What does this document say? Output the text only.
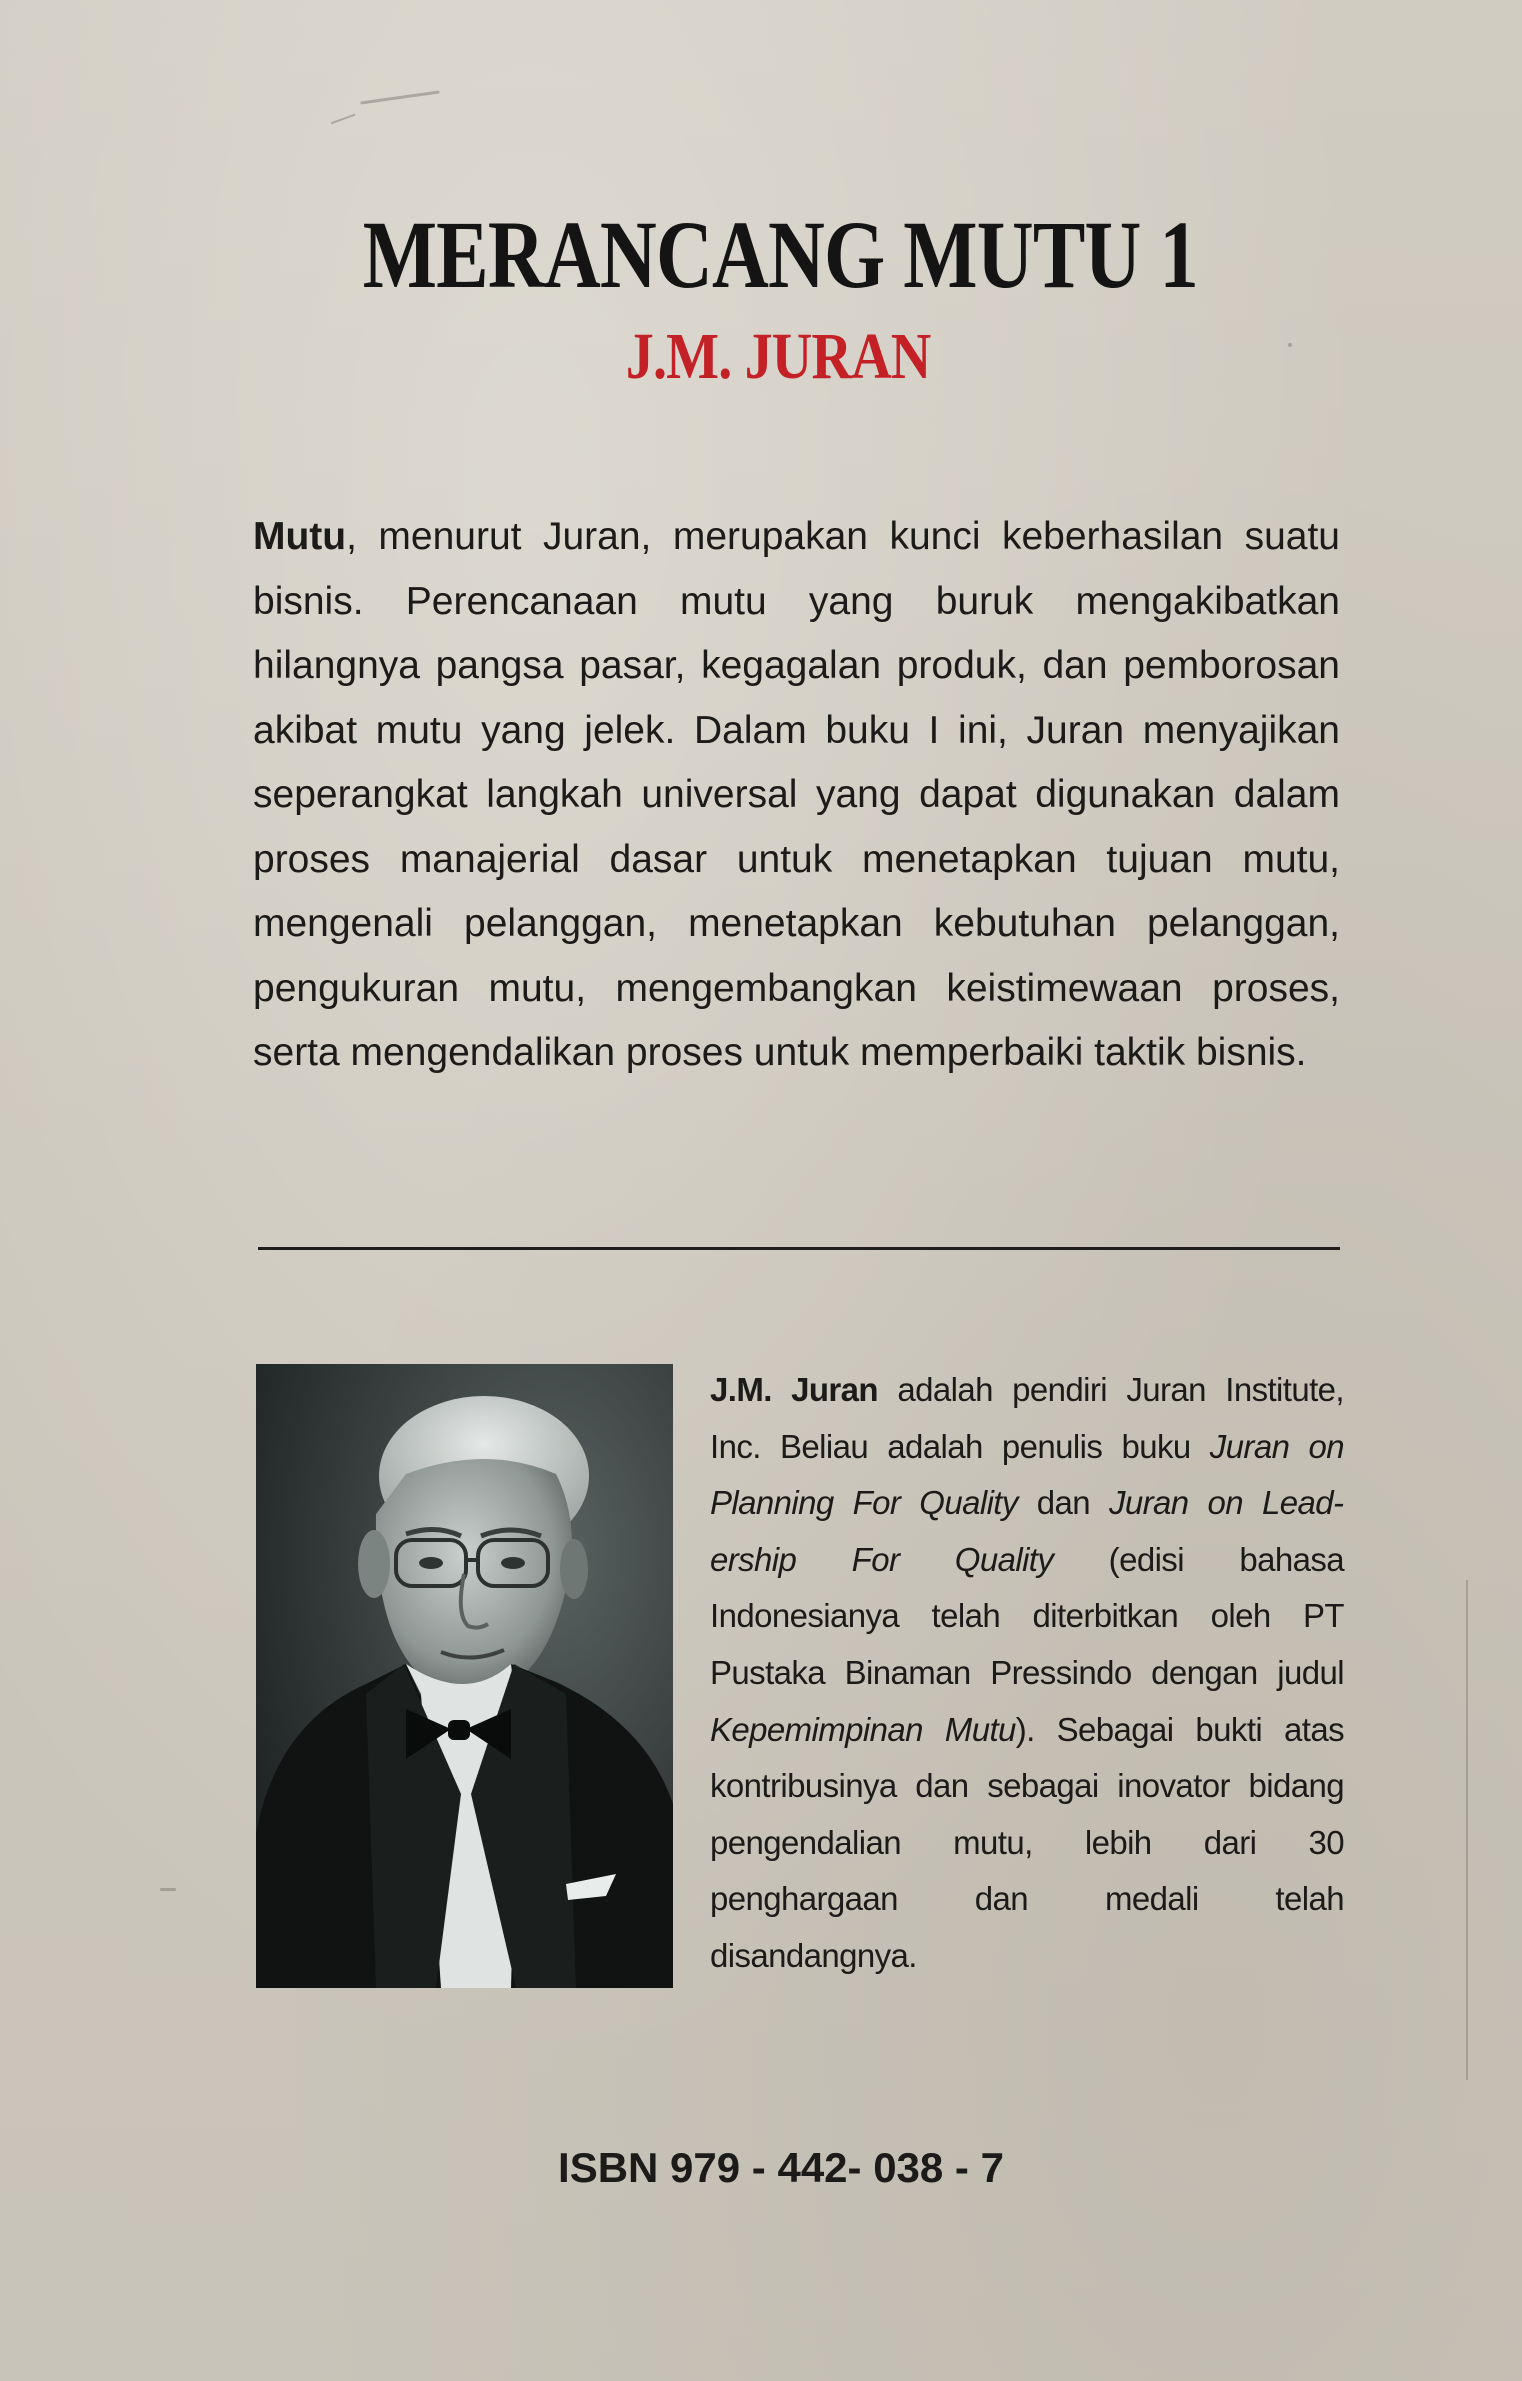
MERANCANG MUTU 1
J.M. JURAN
Mutu, menurut Juran, merupakan kunci keberhasilan suatu bisnis. Perencanaan mutu yang buruk mengakibatkan hilangnya pangsa pasar, kegagalan produk, dan pemborosan akibat mutu yang jelek. Dalam buku I ini, Juran menyajikan seperangkat langkah universal yang dapat digunakan dalam proses manajerial dasar untuk menetapkan tujuan mutu, mengenali pelanggan, menetapkan kebutuhan pelanggan, pengukuran mutu, mengembangkan keistimewaan proses, serta mengendalikan proses untuk memperbaiki taktik bisnis.
J.M. Juran adalah pendiri Juran Institute, Inc. Beliau adalah penulis buku Juran on Planning For Quality dan Juran on Leadership For Quality (edisi bahasa Indonesianya telah diterbitkan oleh PT Pustaka Binaman Pressindo dengan judul Kepemimpinan Mutu). Sebagai bukti atas kontribusinya dan sebagai inovator bidang pengendalian mutu, lebih dari 30 penghargaan dan medali telah disandangnya.
ISBN 979 - 442- 038 - 7
